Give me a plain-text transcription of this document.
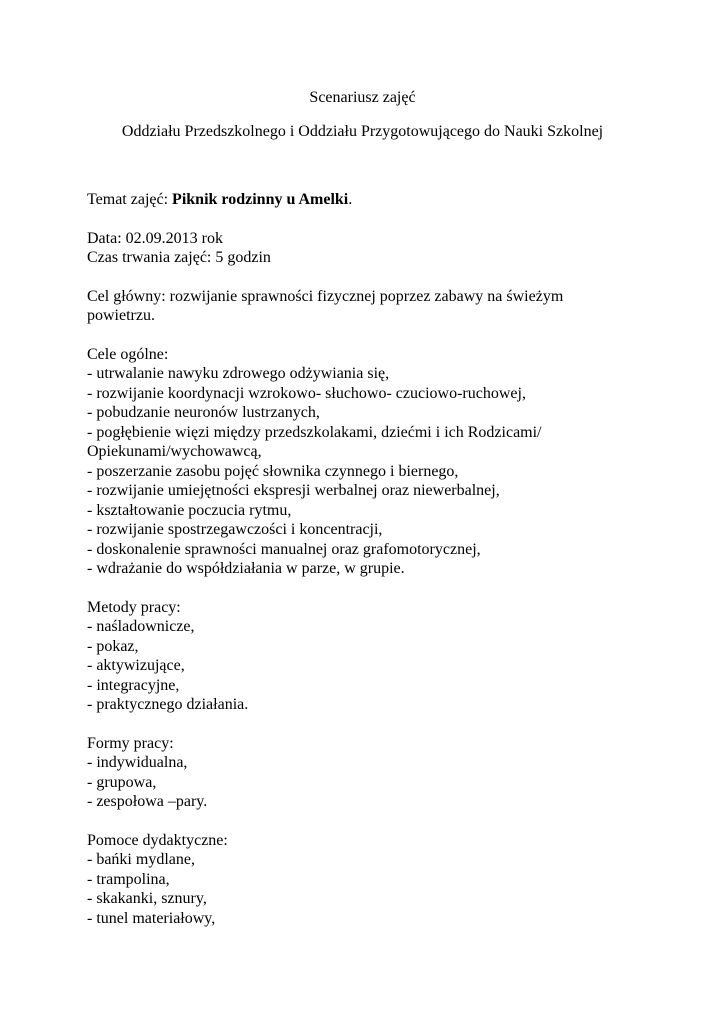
Scenariusz zajęć
Oddziału Przedszkolnego i Oddziału Przygotowującego do Nauki Szkolnej
Temat zajęć: Piknik rodzinny u Amelki.
Data: 02.09.2013 rok
Czas trwania zajęć: 5 godzin
Cel główny: rozwijanie sprawności fizycznej poprzez zabawy na świeżym
powietrzu.
Cele ogólne:
- utrwalanie nawyku zdrowego odżywiania się,
- rozwijanie koordynacji wzrokowo- słuchowo- czuciowo-ruchowej,
- pobudzanie neuronów lustrzanych,
- pogłębienie więzi między przedszkolakami, dziećmi i ich Rodzicami/
Opiekunami/wychowawcą,
- poszerzanie zasobu pojęć słownika czynnego i biernego,
- rozwijanie umiejętności ekspresji werbalnej oraz niewerbalnej,
- kształtowanie poczucia rytmu,
- rozwijanie spostrzegawczości i koncentracji,
- doskonalenie sprawności manualnej oraz grafomotorycznej,
- wdrażanie do współdziałania w parze, w grupie.
Metody pracy:
- naśladownicze,
- pokaz,
- aktywizujące,
- integracyjne,
- praktycznego działania.
Formy pracy:
- indywidualna,
- grupowa,
- zespołowa –pary.
Pomoce dydaktyczne:
- bańki mydlane,
- trampolina,
- skakanki, sznury,
- tunel materiałowy,
